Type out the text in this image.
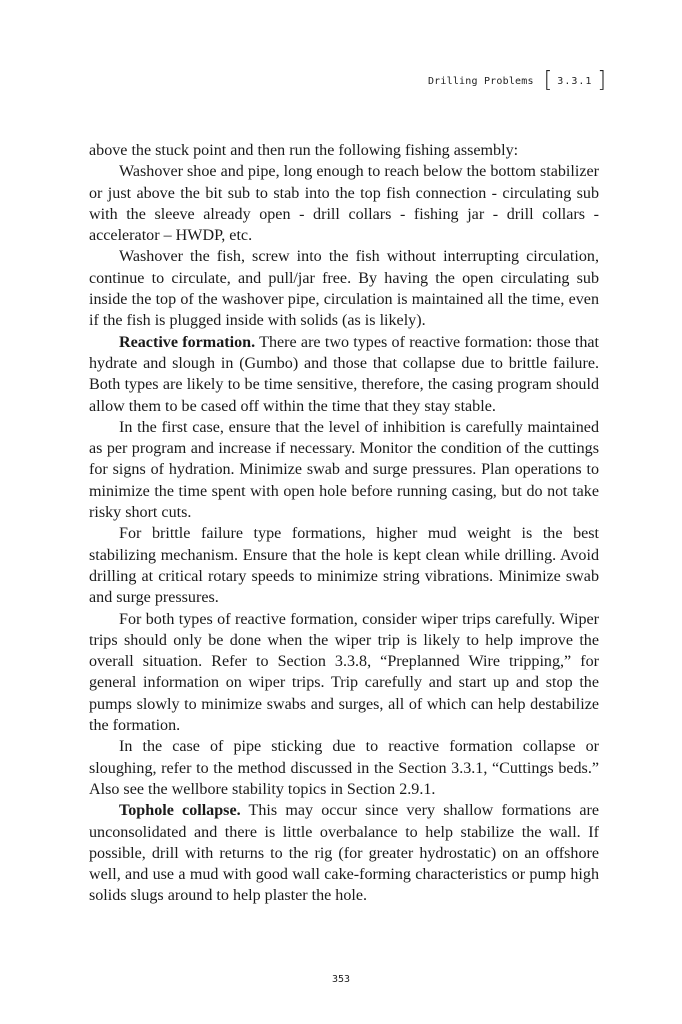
Drilling Problems [ 3.3.1 ]

above the stuck point and then run the following fishing assembly:

Washover shoe and pipe, long enough to reach below the bottom stabilizer or just above the bit sub to stab into the top fish connection - circulating sub with the sleeve already open - drill collars - fishing jar - drill collars - accelerator – HWDP, etc.

Washover the fish, screw into the fish without interrupting circulation, continue to circulate, and pull/jar free. By having the open circulating sub inside the top of the washover pipe, circulation is maintained all the time, even if the fish is plugged inside with solids (as is likely).

Reactive formation. There are two types of reactive formation: those that hydrate and slough in (Gumbo) and those that collapse due to brittle failure. Both types are likely to be time sensitive, therefore, the casing program should allow them to be cased off within the time that they stay stable.

In the first case, ensure that the level of inhibition is carefully maintained as per program and increase if necessary. Monitor the condition of the cuttings for signs of hydration. Minimize swab and surge pressures. Plan operations to minimize the time spent with open hole before running casing, but do not take risky short cuts.

For brittle failure type formations, higher mud weight is the best stabilizing mechanism. Ensure that the hole is kept clean while drilling. Avoid drilling at critical rotary speeds to minimize string vibrations. Minimize swab and surge pressures.

For both types of reactive formation, consider wiper trips carefully. Wiper trips should only be done when the wiper trip is likely to help improve the overall situation. Refer to Section 3.3.8, “Preplanned Wire tripping,” for general information on wiper trips. Trip carefully and start up and stop the pumps slowly to minimize swabs and surges, all of which can help destabilize the formation.

In the case of pipe sticking due to reactive formation collapse or sloughing, refer to the method discussed in the Section 3.3.1, “Cuttings beds.” Also see the wellbore stability topics in Section 2.9.1.

Tophole collapse. This may occur since very shallow formations are unconsolidated and there is little overbalance to help stabilize the wall. If possible, drill with returns to the rig (for greater hydrostatic) on an offshore well, and use a mud with good wall cake-forming characteristics or pump high solids slugs around to help plaster the hole.

353
